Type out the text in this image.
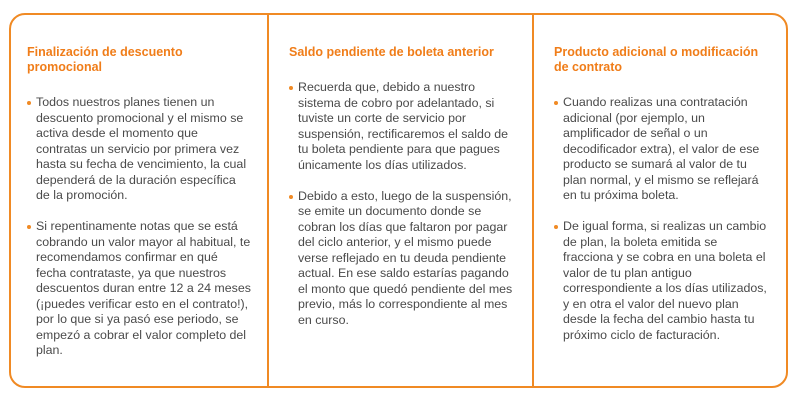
Finalización de descuento promocional
Todos nuestros planes tienen un descuento promocional y el mismo se activa desde el momento que contratas un servicio por primera vez hasta su fecha de vencimiento, la cual dependerá de la duración específica de la promoción.
Si repentinamente notas que se está cobrando un valor mayor al habitual, te recomendamos confirmar en qué fecha contrataste, ya que nuestros descuentos duran entre 12 a 24 meses (¡puedes verificar esto en el contrato!), por lo que si ya pasó ese periodo, se empezó a cobrar el valor completo del plan.
Saldo pendiente de boleta anterior
Recuerda que, debido a nuestro sistema de cobro por adelantado, si tuviste un corte de servicio por suspensión, rectificaremos el saldo de tu boleta pendiente para que pagues únicamente los días utilizados.
Debido a esto, luego de la suspensión, se emite un documento donde se cobran los días que faltaron por pagar del ciclo anterior, y el mismo puede verse reflejado en tu deuda pendiente actual. En ese saldo estarías pagando el monto que quedó pendiente del mes previo, más lo correspondiente al mes en curso.
Producto adicional o modificación de contrato
Cuando realizas una contratación adicional (por ejemplo, un amplificador de señal o un decodificador extra), el valor de ese producto se sumará al valor de tu plan normal, y el mismo se reflejará en tu próxima boleta.
De igual forma, si realizas un cambio de plan, la boleta emitida se fracciona y se cobra en una boleta el valor de tu plan antiguo correspondiente a los días utilizados, y en otra el valor del nuevo plan desde la fecha del cambio hasta tu próximo ciclo de facturación.
